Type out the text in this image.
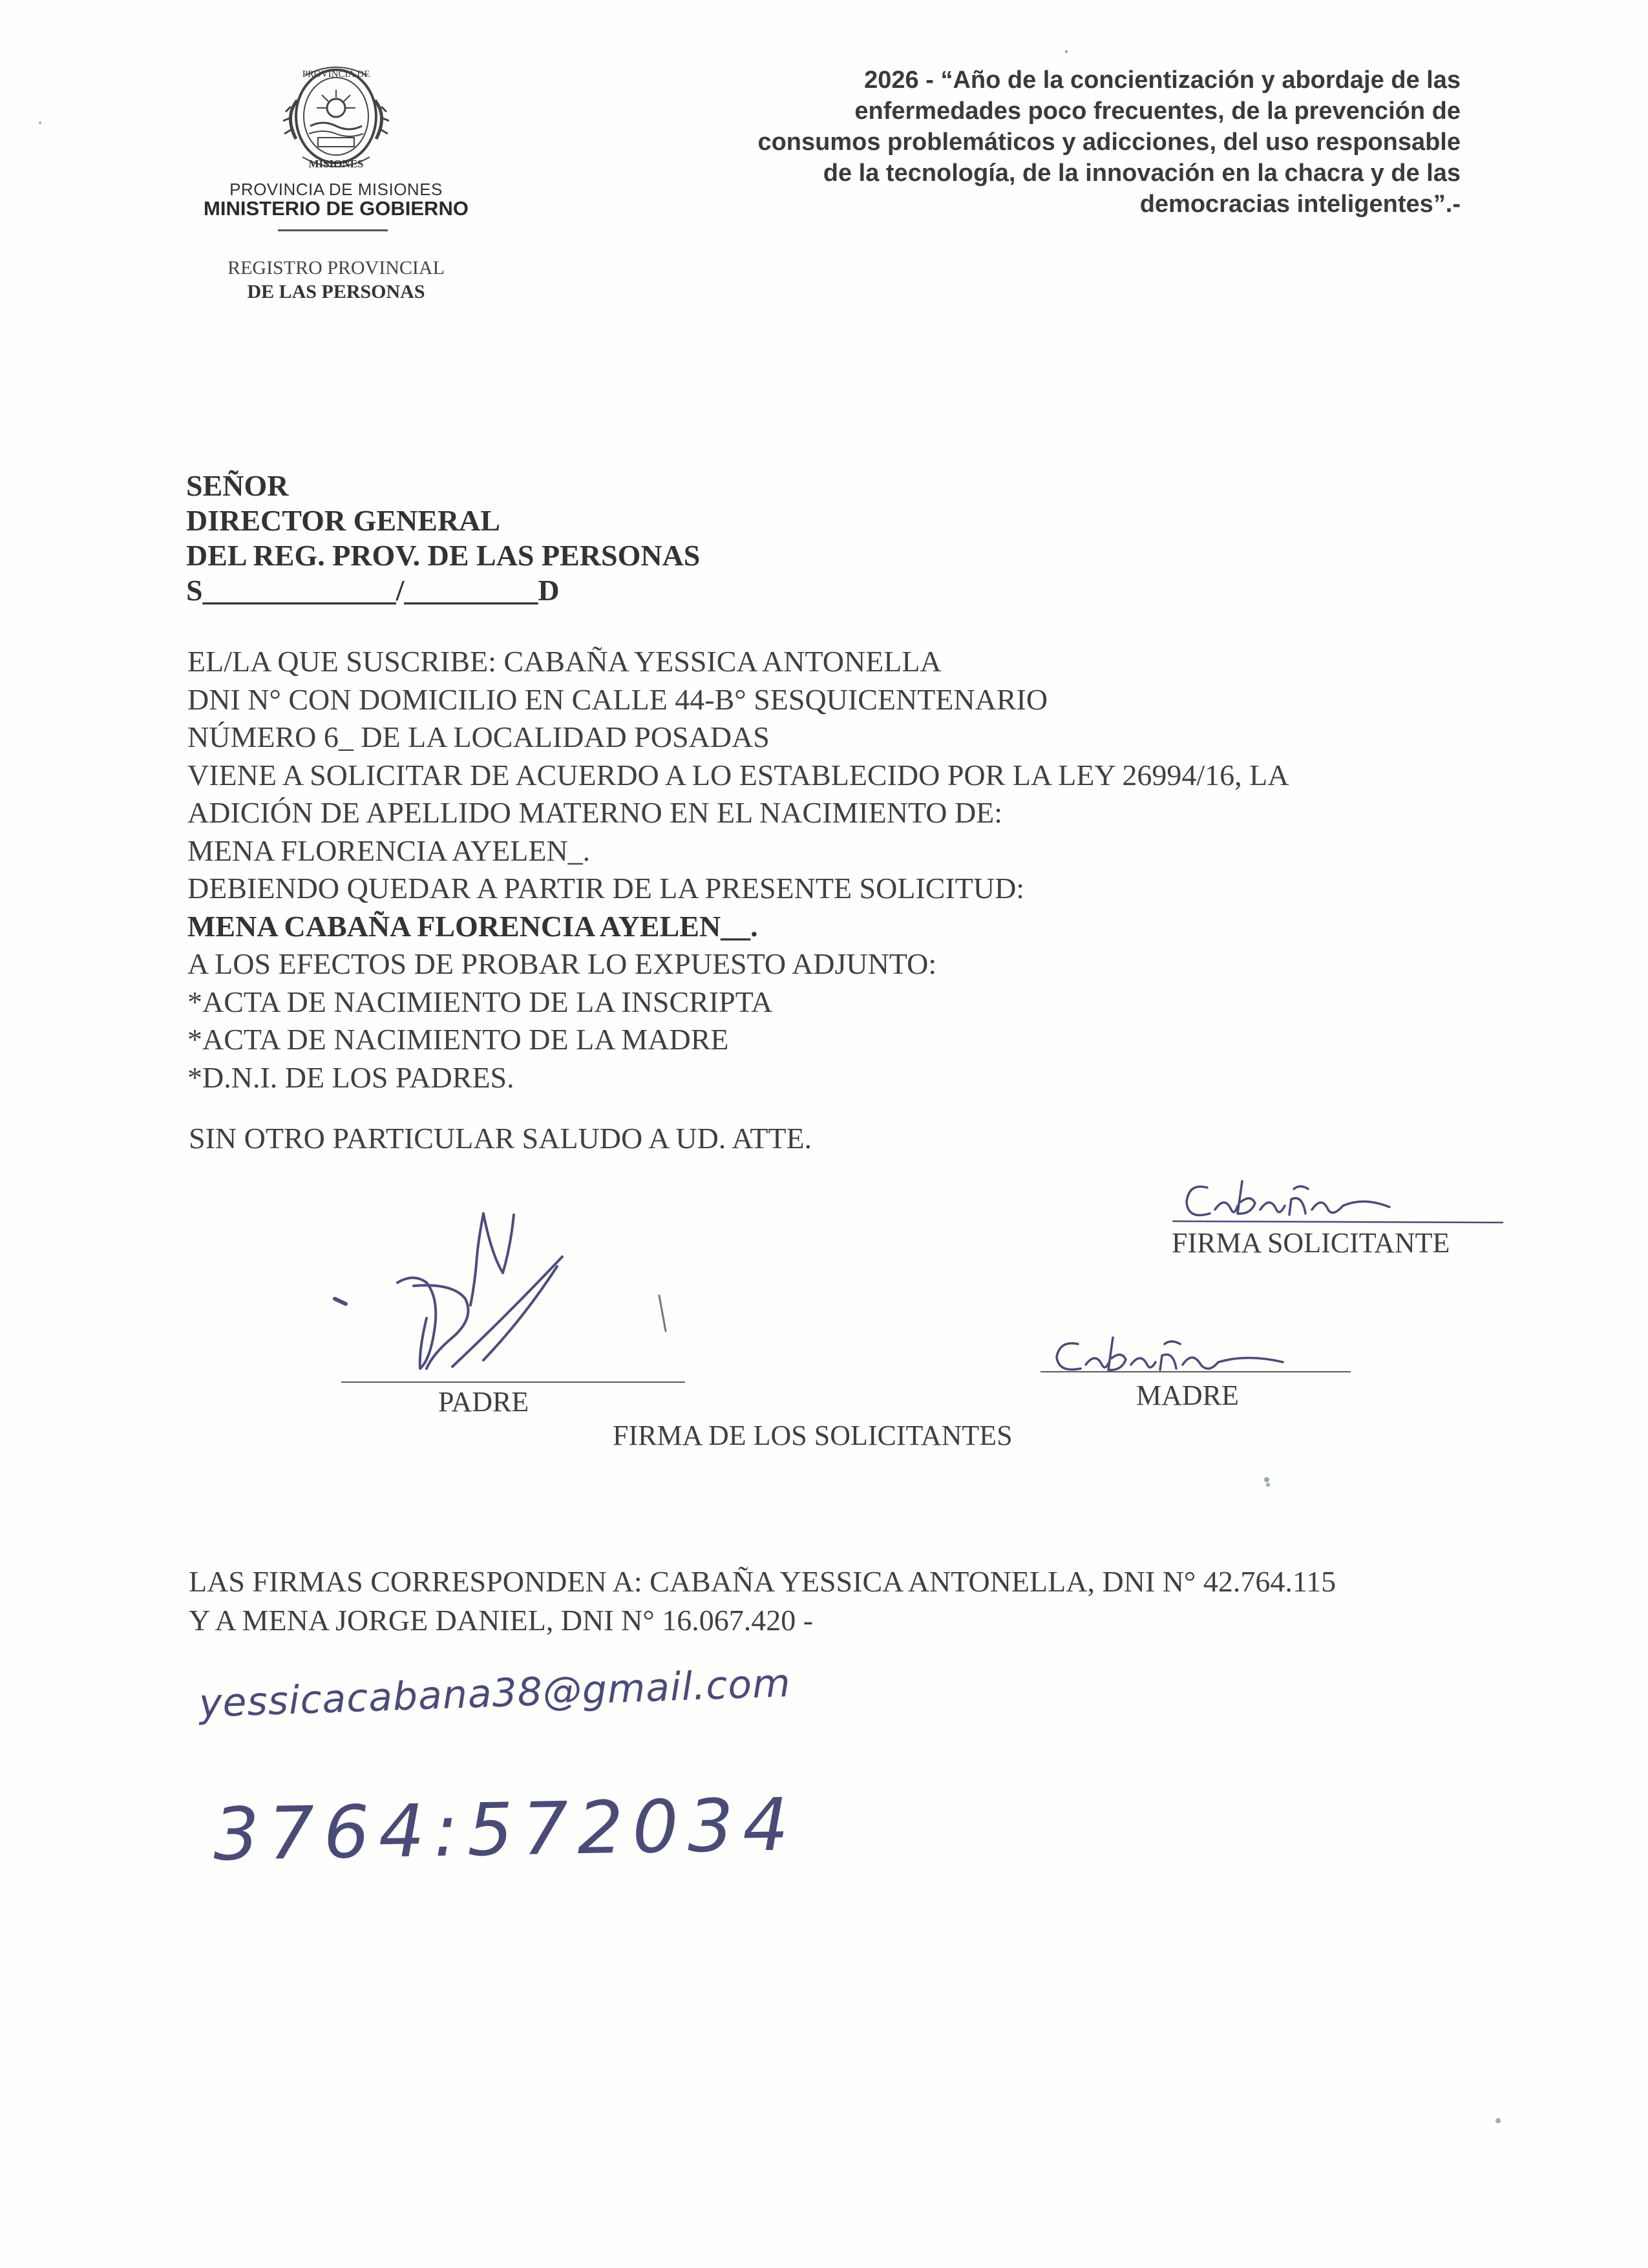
PROVINCIA DE
MISIONES
PROVINCIA DE MISIONES
MINISTERIO DE GOBIERNO
REGISTRO PROVINCIAL
DE LAS PERSONAS
2026 - “Año de la concientización y abordaje de las
enfermedades poco frecuentes, de la prevención de
consumos problemáticos y adicciones, del uso responsable
de la tecnología, de la innovación en la chacra y de las
democracias inteligentes”.-
SEÑOR
DIRECTOR GENERAL
DEL REG. PROV. DE LAS PERSONAS
S_____________/_________D
EL/LA QUE SUSCRIBE: CABAÑA YESSICA ANTONELLA
DNI N° CON DOMICILIO EN CALLE 44-B° SESQUICENTENARIO
NÚMERO 6_ DE LA LOCALIDAD POSADAS
VIENE A SOLICITAR DE ACUERDO A LO ESTABLECIDO POR LA LEY 26994/16, LA
ADICIÓN DE APELLIDO MATERNO EN EL NACIMIENTO DE:
MENA FLORENCIA AYELEN_.
DEBIENDO QUEDAR A PARTIR DE LA PRESENTE SOLICITUD:
MENA CABAÑA FLORENCIA AYELEN__.
A LOS EFECTOS DE PROBAR LO EXPUESTO ADJUNTO:
*ACTA DE NACIMIENTO DE LA INSCRIPTA
*ACTA DE NACIMIENTO DE LA MADRE
*D.N.I. DE LOS PADRES.
SIN OTRO PARTICULAR SALUDO A UD. ATTE.
FIRMA SOLICITANTE
PADRE	MADRE
FIRMA DE LOS SOLICITANTES
LAS FIRMAS CORRESPONDEN A: CABAÑA YESSICA ANTONELLA, DNI N° 42.764.115
Y A MENA JORGE DANIEL, DNI N° 16.067.420 -
yessicacabana38@gmail.com
3764:572034
